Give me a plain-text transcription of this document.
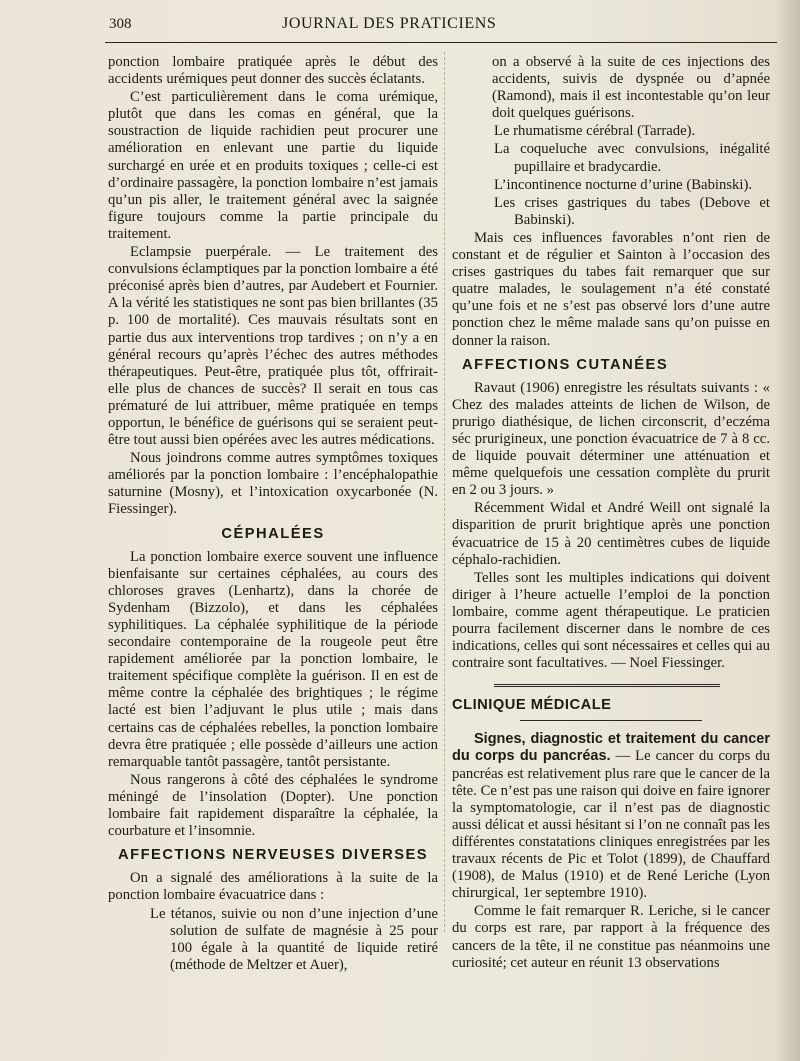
308	JOURNAL DES PRATICIENS

ponction lombaire pratiquée après le début des accidents urémiques peut donner des succès éclatants.

C’est particulièrement dans le coma urémique, plutôt que dans les comas en général, que la soustraction de liquide rachidien peut procurer une amélioration en enlevant une partie du liquide surchargé en urée et en produits toxiques ; celle-ci est d’ordinaire passagère, la ponction lombaire n’est jamais qu’un pis aller, le traitement général avec la saignée figure toujours comme la partie principale du traitement.

Eclampsie puerpérale. — Le traitement des convulsions éclamptiques par la ponction lombaire a été préconisé après bien d’autres, par Audebert et Fournier. A la vérité les statistiques ne sont pas bien brillantes (35 p. 100 de mortalité). Ces mauvais résultats sont en partie dus aux interventions trop tardives ; on n’y a en général recours qu’après l’échec des autres méthodes thérapeutiques. Peut-être, pratiquée plus tôt, offrirait-elle plus de chances de succès? Il serait en tous cas prématuré de lui attribuer, même pratiquée en temps opportun, le bénéfice de guérisons qui se seraient peut-être tout aussi bien opérées avec les autres médications.

Nous joindrons comme autres symptômes toxiques améliorés par la ponction lombaire : l’encéphalopathie saturnine (Mosny), et l’intoxication oxycarbonée (N. Fiessinger).

CÉPHALÉES

La ponction lombaire exerce souvent une influence bienfaisante sur certaines céphalées, au cours des chloroses graves (Lenhartz), dans la chorée de Sydenham (Bizzolo), et dans les céphalées syphilitiques. La céphalée syphilitique de la période secondaire contemporaine de la rougeole peut être rapidement améliorée par la ponction lombaire, le traitement spécifique complète la guérison. Il en est de même contre la céphalée des brightiques ; le régime lacté est bien l’adjuvant le plus utile ; mais dans certains cas de céphalées rebelles, la ponction lombaire devra être pratiquée ; elle possède d’ailleurs une action remarquable tantôt passagère, tantôt persistante.

Nous rangerons à côté des céphalées le syndrome méningé de l’insolation (Dopter). Une ponction lombaire fait rapidement disparaître la céphalée, la courbature et l’insomnie.

AFFECTIONS NERVEUSES DIVERSES

On a signalé des améliorations à la suite de la ponction lombaire évacuatrice dans :

Le tétanos, suivie ou non d’une injection d’une solution de sulfate de magnésie à 25 pour 100 égale à la quantité de liquide retiré (méthode de Meltzer et Auer),

on a observé à la suite de ces injections des accidents, suivis de dyspnée ou d’apnée (Ramond), mais il est incontestable qu’on leur doit quelques guérisons.

Le rhumatisme cérébral (Tarrade).

La coqueluche avec convulsions, inégalité pupillaire et bradycardie.

L’incontinence nocturne d’urine (Babinski).

Les crises gastriques du tabes (Debove et Babinski).

Mais ces influences favorables n’ont rien de constant et de régulier et Sainton à l’occasion des crises gastriques du tabes fait remarquer que sur quatre malades, le soulagement n’a été constaté qu’une fois et ne s’est pas observé lors d’une autre ponction chez le même malade sans qu’on puisse en donner la raison.

AFFECTIONS CUTANÉES

Ravaut (1906) enregistre les résultats suivants : « Chez des malades atteints de lichen de Wilson, de prurigo diathésique, de lichen circonscrit, d’eczéma séc prurigineux, une ponction évacuatrice de 7 à 8 cc. de liquide pouvait déterminer une atténuation et même quelquefois une cessation complète du prurit en 2 ou 3 jours. »

Récemment Widal et André Weill ont signalé la disparition de prurit brightique après une ponction évacuatrice de 15 à 20 centimètres cubes de liquide céphalo-rachidien.

Telles sont les multiples indications qui doivent diriger à l’heure actuelle l’emploi de la ponction lombaire, comme agent thérapeutique. Le praticien pourra facilement discerner dans le nombre de ces indications, celles qui sont nécessaires et celles qui au contraire sont facultatives. — Noel Fiessinger.

CLINIQUE MÉDICALE

Signes, diagnostic et traitement du cancer du corps du pancréas. — Le cancer du corps du pancréas est relativement plus rare que le cancer de la tête. Ce n’est pas une raison qui doive en faire ignorer la symptomatologie, car il n’est pas de diagnostic aussi délicat et aussi hésitant si l’on ne connaît pas les différentes constatations cliniques enregistrées par les travaux récents de Pic et Tolot (1899), de Chauffard (1908), de Malus (1910) et de René Leriche (Lyon chirurgical, 1er septembre 1910).

Comme le fait remarquer R. Leriche, si le cancer du corps est rare, par rapport à la fréquence des cancers de la tête, il ne constitue pas néanmoins une curiosité; cet auteur en réunit 13 observations
